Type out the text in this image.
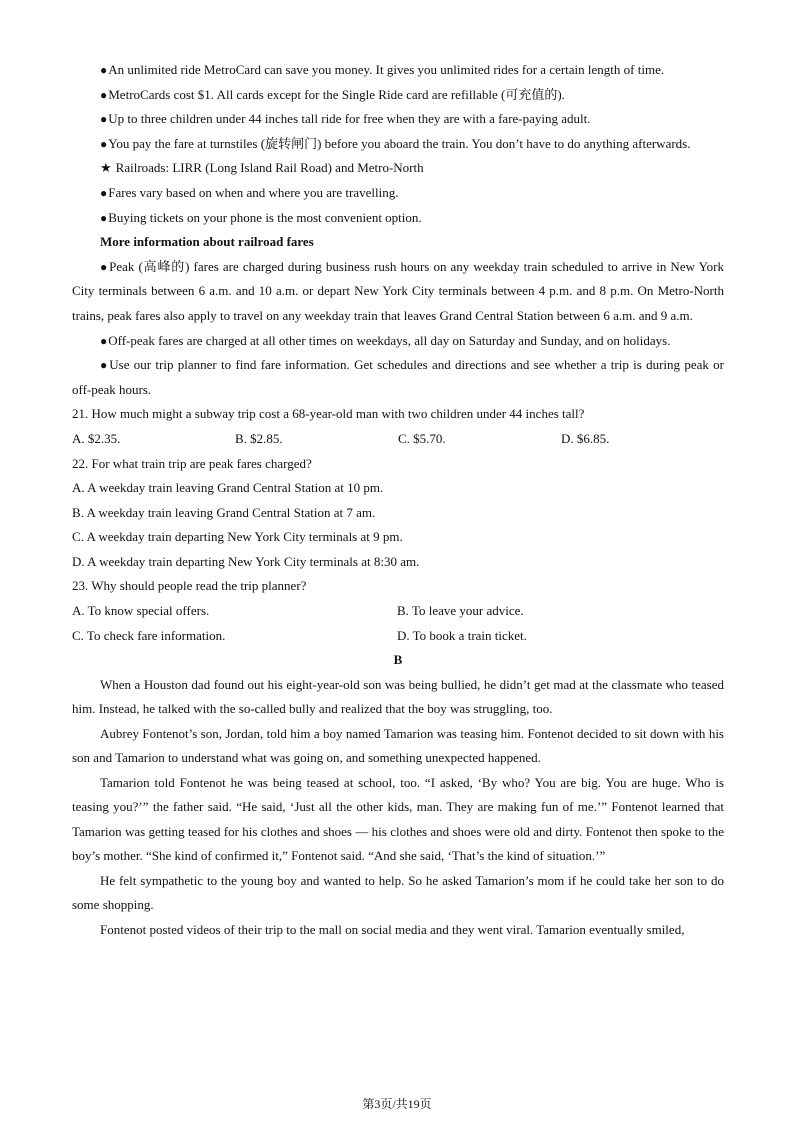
● An unlimited ride MetroCard can save you money. It gives you unlimited rides for a certain length of time.

● MetroCards cost $1. All cards except for the Single Ride card are refillable (可充值的).

● Up to three children under 44 inches tall ride for free when they are with a fare-paying adult.

● You pay the fare at turnstiles (旋转闸门) before you aboard the train. You don’t have to do anything afterwards.

★ Railroads: LIRR (Long Island Rail Road) and Metro-North

● Fares vary based on when and where you are travelling.

● Buying tickets on your phone is the most convenient option.

More information about railroad fares

● Peak (高峰的) fares are charged during business rush hours on any weekday train scheduled to arrive in New York City terminals between 6 a.m. and 10 a.m. or depart New York City terminals between 4 p.m. and 8 p.m. On Metro-North trains, peak fares also apply to travel on any weekday train that leaves Grand Central Station between 6 a.m. and 9 a.m.

● Off-peak fares are charged at all other times on weekdays, all day on Saturday and Sunday, and on holidays.

● Use our trip planner to find fare information. Get schedules and directions and see whether a trip is during peak or off-peak hours.

21. How much might a subway trip cost a 68-year-old man with two children under 44 inches tall?

A. $2.35.	B. $2.85.	C. $5.70.	D. $6.85.

22. For what train trip are peak fares charged?

A. A weekday train leaving Grand Central Station at 10 pm.

B. A weekday train leaving Grand Central Station at 7 am.

C. A weekday train departing New York City terminals at 9 pm.

D. A weekday train departing New York City terminals at 8:30 am.

23. Why should people read the trip planner?

A. To know special offers.	B. To leave your advice.
C. To check fare information.	D. To book a train ticket.

B

When a Houston dad found out his eight-year-old son was being bullied, he didn’t get mad at the classmate who teased him. Instead, he talked with the so-called bully and realized that the boy was struggling, too.

Aubrey Fontenot’s son, Jordan, told him a boy named Tamarion was teasing him. Fontenot decided to sit down with his son and Tamarion to understand what was going on, and something unexpected happened.

Tamarion told Fontenot he was being teased at school, too. “I asked, ‘By who? You are big. You are huge. Who is teasing you?’” the father said. “He said, ‘Just all the other kids, man. They are making fun of me.’” Fontenot learned that Tamarion was getting teased for his clothes and shoes — his clothes and shoes were old and dirty. Fontenot then spoke to the boy’s mother. “She kind of confirmed it,” Fontenot said. “And she said, ‘That’s the kind of situation.’”

He felt sympathetic to the young boy and wanted to help. So he asked Tamarion’s mom if he could take her son to do some shopping.

Fontenot posted videos of their trip to the mall on social media and they went viral. Tamarion eventually smiled,

第3页/共19页
